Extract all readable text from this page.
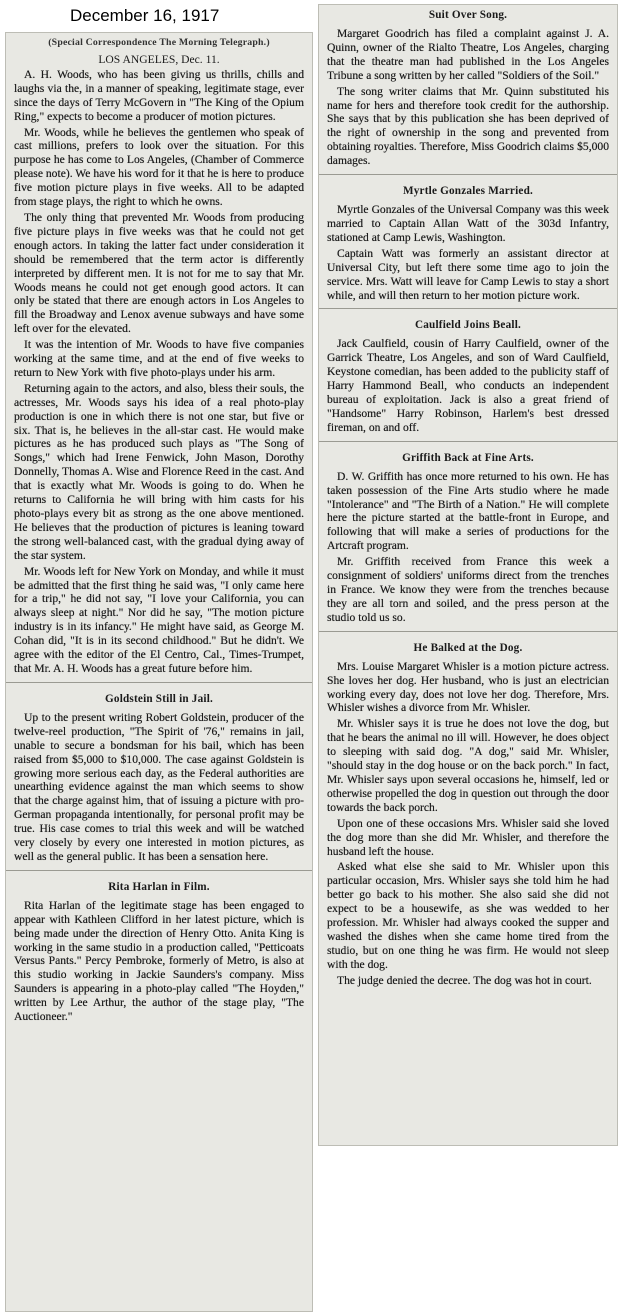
December 16, 1917
(Special Correspondence The Morning Telegraph.)
LOS ANGELES, Dec. 11.

A. H. Woods, who has been giving us thrills, chills and laughs via the, in a manner of speaking, legitimate stage, ever since the days of Terry McGovern in "The King of the Opium Ring," expects to become a producer of motion pictures.

Mr. Woods, while he believes the gentlemen who speak of cast millions, prefers to look over the situation. For this purpose he has come to Los Angeles, (Chamber of Commerce please note). We have his word for it that he is here to produce five motion picture plays in five weeks. All to be adapted from stage plays, the right to which he owns.

The only thing that prevented Mr. Woods from producing five picture plays in five weeks was that he could not get enough actors. In taking the latter fact under consideration it should be remembered that the term actor is differently interpreted by different men. It is not for me to say that Mr. Woods means he could not get enough good actors. It can only be stated that there are enough actors in Los Angeles to fill the Broadway and Lenox avenue subways and have some left over for the elevated.

It was the intention of Mr. Woods to have five companies working at the same time, and at the end of five weeks to return to New York with five photo-plays under his arm.

Returning again to the actors, and also, bless their souls, the actresses, Mr. Woods says his idea of a real photo-play production is one in which there is not one star, but five or six. That is, he believes in the all-star cast. He would make pictures as he has produced such plays as "The Song of Songs," which had Irene Fenwick, John Mason, Dorothy Donnelly, Thomas A. Wise and Florence Reed in the cast. And that is exactly what Mr. Woods is going to do. When he returns to California he will bring with him casts for his photo-plays every bit as strong as the one above mentioned. He believes that the production of pictures is leaning toward the strong well-balanced cast, with the gradual dying away of the star system.

Mr. Woods left for New York on Monday, and while it must be admitted that the first thing he said was, "I only came here for a trip," he did not say, "I love your California, you can always sleep at night." Nor did he say, "The motion picture industry is in its infancy." He might have said, as George M. Cohan did, "It is in its second childhood." But he didn't. We agree with the editor of the El Centro, Cal., Times-Trumpet, that Mr. A. H. Woods has a great future before him.

Goldstein Still in Jail.

Up to the present writing Robert Goldstein, producer of the twelve-reel production, "The Spirit of '76," remains in jail, unable to secure a bondsman for his bail, which has been raised from $5,000 to $10,000. The case against Goldstein is growing more serious each day, as the Federal authorities are unearthing evidence against the man which seems to show that the charge against him, that of issuing a picture with pro-German propaganda intentionally, for personal profit may be true. His case comes to trial this week and will be watched very closely by every one interested in motion pictures, as well as the general public. It has been a sensation here.

Rita Harlan in Film.

Rita Harlan of the legitimate stage has been engaged to appear with Kathleen Clifford in her latest picture, which is being made under the direction of Henry Otto. Anita King is working in the same studio in a production called, "Petticoats Versus Pants." Percy Pembroke, formerly of Metro, is also at this studio working in Jackie Saunders's company. Miss Saunders is appearing in a photo-play called "The Hoyden," written by Lee Arthur, the author of the stage play, "The Auctioneer."

Suit Over Song.

Margaret Goodrich has filed a complaint against J. A. Quinn, owner of the Rialto Theatre, Los Angeles, charging that the theatre man had published in the Los Angeles Tribune a song written by her called "Soldiers of the Soil."

The song writer claims that Mr. Quinn substituted his name for hers and therefore took credit for the authorship. She says that by this publication she has been deprived of the right of ownership in the song and prevented from obtaining royalties. Therefore, Miss Goodrich claims $5,000 damages.

Myrtle Gonzales Married.

Myrtle Gonzales of the Universal Company was this week married to Captain Allan Watt of the 303d Infantry, stationed at Camp Lewis, Washington.

Captain Watt was formerly an assistant director at Universal City, but left there some time ago to join the service. Mrs. Watt will leave for Camp Lewis to stay a short while, and will then return to her motion picture work.

Caulfield Joins Beall.

Jack Caulfield, cousin of Harry Caulfield, owner of the Garrick Theatre, Los Angeles, and son of Ward Caulfield, Keystone comedian, has been added to the publicity staff of Harry Hammond Beall, who conducts an independent bureau of exploitation. Jack is also a great friend of "Handsome" Harry Robinson, Harlem's best dressed fireman, on and off.

Griffith Back at Fine Arts.

D. W. Griffith has once more returned to his own. He has taken possession of the Fine Arts studio where he made "Intolerance" and "The Birth of a Nation." He will complete here the picture started at the battle-front in Europe, and following that will make a series of productions for the Artcraft program.

Mr. Griffith received from France this week a consignment of soldiers' uniforms direct from the trenches in France. We know they were from the trenches because they are all torn and soiled, and the press person at the studio told us so.

He Balked at the Dog.

Mrs. Louise Margaret Whisler is a motion picture actress. She loves her dog. Her husband, who is just an electrician working every day, does not love her dog. Therefore, Mrs. Whisler wishes a divorce from Mr. Whisler.

Mr. Whisler says it is true he does not love the dog, but that he bears the animal no ill will. However, he does object to sleeping with said dog. "A dog," said Mr. Whisler, "should stay in the dog house or on the back porch." In fact, Mr. Whisler says upon several occasions he, himself, led or otherwise propelled the dog in question out through the door towards the back porch.

Upon one of these occasions Mrs. Whisler said she loved the dog more than she did Mr. Whisler, and therefore the husband left the house.

Asked what else she said to Mr. Whisler upon this particular occasion, Mrs. Whisler says she told him he had better go back to his mother. She also said she did not expect to be a housewife, as she was wedded to her profession. Mr. Whisler had always cooked the supper and washed the dishes when she came home tired from the studio, but on one thing he was firm. He would not sleep with the dog.

The judge denied the decree. The dog was hot in court.
